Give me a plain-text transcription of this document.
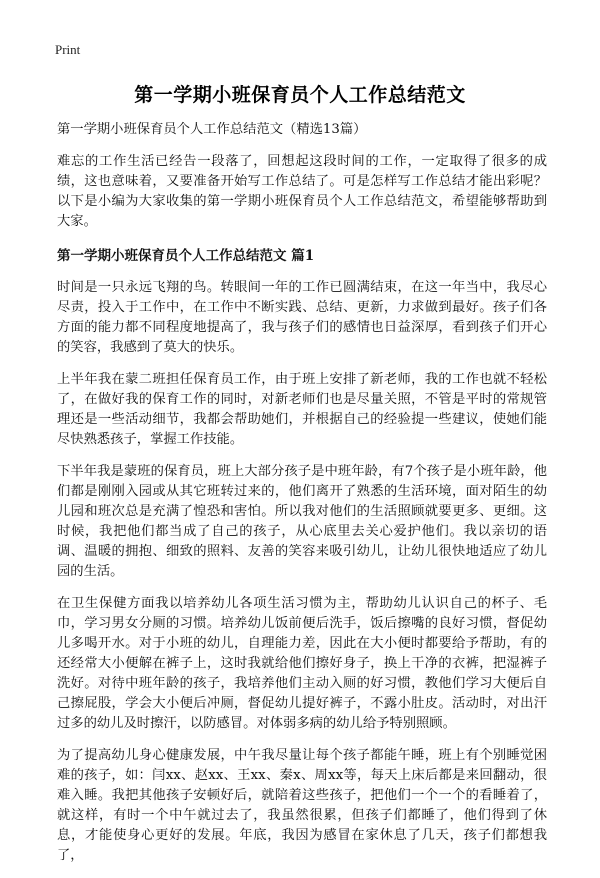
Print
第一学期小班保育员个人工作总结范文

第一学期小班保育员个人工作总结范文（精选13篇）

难忘的工作生活已经告一段落了，回想起这段时间的工作，一定取得了很多的成绩，这也意味着，又要准备开始写工作总结了。可是怎样写工作总结才能出彩呢？以下是小编为大家收集的第一学期小班保育员个人工作总结范文，希望能够帮助到大家。

第一学期小班保育员个人工作总结范文 篇1

时间是一只永远飞翔的鸟。转眼间一年的工作已圆满结束，在这一年当中，我尽心尽责，投入于工作中，在工作中不断实践、总结、更新，力求做到最好。孩子们各方面的能力都不同程度地提高了，我与孩子们的感情也日益深厚，看到孩子们开心的笑容，我感到了莫大的快乐。

上半年我在蒙二班担任保育员工作，由于班上安排了新老师，我的工作也就不轻松了，在做好我的保育工作的同时，对新老师们也是尽量关照，不管是平时的常规管理还是一些活动细节，我都会帮助她们，并根据自己的经验提一些建议，使她们能尽快熟悉孩子，掌握工作技能。

下半年我是蒙班的保育员，班上大部分孩子是中班年龄，有7个孩子是小班年龄，他们都是刚刚入园或从其它班转过来的，他们离开了熟悉的生活环境，面对陌生的幼儿园和班次总是充满了惶恐和害怕。所以我对他们的生活照顾就要更多、更细。这时候，我把他们都当成了自己的孩子，从心底里去关心爱护他们。我以亲切的语调、温暖的拥抱、细致的照料、友善的笑容来吸引幼儿，让幼儿很快地适应了幼儿园的生活。

在卫生保健方面我以培养幼儿各项生活习惯为主，帮助幼儿认识自己的杯子、毛巾，学习男女分厕的习惯。培养幼儿饭前便后洗手，饭后擦嘴的良好习惯，督促幼儿多喝开水。对于小班的幼儿，自理能力差，因此在大小便时都要给予帮助，有的还经常大小便解在裤子上，这时我就给他们擦好身子，换上干净的衣裤，把湿裤子洗好。对待中班年龄的孩子，我培养他们主动入厕的好习惯，教他们学习大便后自己擦屁股，学会大小便后冲厕，督促幼儿提好裤子，不露小肚皮。活动时，对出汗过多的幼儿及时擦汗，以防感冒。对体弱多病的幼儿给予特别照顾。

为了提高幼儿身心健康发展，中午我尽量让每个孩子都能午睡，班上有个别睡觉困难的孩子，如：闫xx、赵xx、王xx、秦x、周xx等，每天上床后都是来回翻动，很难入睡。我把其他孩子安顿好后，就陪着这些孩子，把他们一个一个的看睡着了，就这样，有时一个中午就过去了，我虽然很累，但孩子们都睡了，他们得到了休息，才能使身心更好的发展。年底，我因为感冒在家休息了几天，孩子们都想我了，
